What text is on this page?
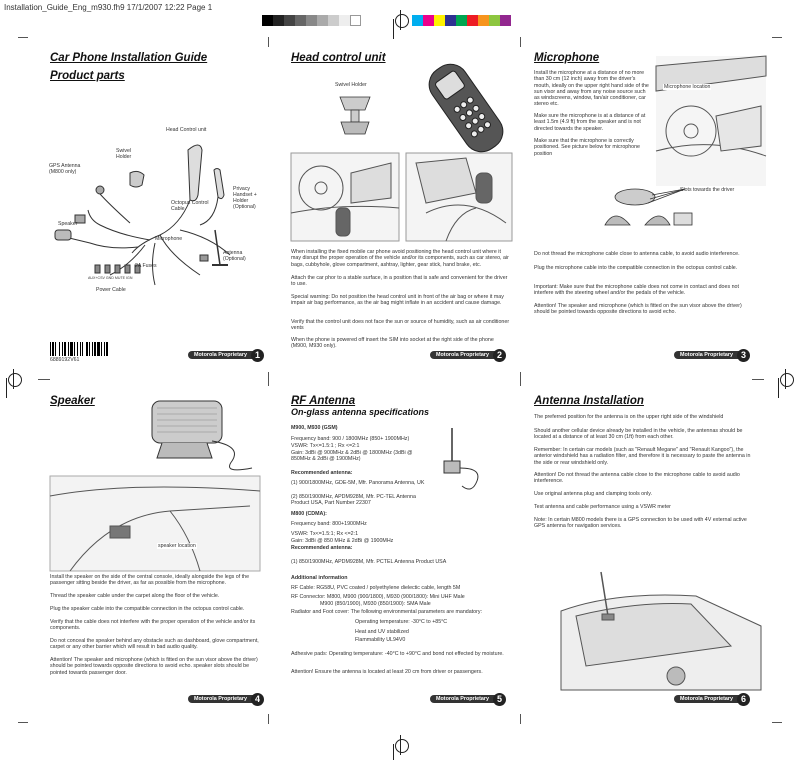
Installation_Guide_Eng_m930.fh9 17/1/2007 12:22 Page 1
Car Phone Installation Guide
Product parts
Head Control unit
Swivel
Holder
GPS Antenna
(M800 only)
Privacy
Handset +
Holder
(Optional)
Octopus Control
Cable
Speaker
Microphone
Antenna
(Optional)
2A Fuses
AUX+CSV GND MUTE IGN
Power Cable
6889192V61
Motorola Proprietary 1
Head control unit
Swivel Holder
When installing the fixed mobile car phone avoid positioning the head control unit where it may disrupt the proper operation of the vehicle and/or its components, such as car stereo, air bags, cubbyhole, glove compartment, ashtray, lighter, gear stick, hand brake, etc.
Attach the car phor to a stable surface, in a position that is safe and convenient for the driver to use.
Special warning: Do not position the head control unit in front of the air bag or where it may impair air bag performance, as the air bag might inflate in an accident and cause damage.
Verify that the control unit does not face the sun or source of humidity, such as air conditioner vents
When the phone is powered off insert the SIM into socket at the right side of the phone (M900, M930 only).
Motorola Proprietary 2
Microphone
Install the microphone at a distance of no more than 30 cm (12 inch) away from the driver's mouth, ideally on the upper right hand side of the sun visor and away from any noise source such as windscreens, window, fan/air conditioner, car stereo etc.
Make sure the microphone is at a distance of at least 1.5m (4.9 ft) from the speaker and is not directed towards the speaker.
Make sure that the microphone is correctly positioned. See picture below for microphone position
Microphone location
Slots towards the driver
Do not thread the microphone cable close to antenna cable, to avoid audio interference.
Plug the microphone cable into the compatible connection in the octopus control cable.
Important: Make sure that the microphone cable does not come in contact and does not interfere with the steering wheel and/or the pedals of the vehicle.
Attention! The speaker and microphone (which is fitted on the sun visor above the driver) should be pointed towards opposite directions to avoid echo.
Motorola Proprietary 3
Speaker
speaker location
Install the speaker on the side of the central console, ideally alongside the legs of the passenger sitting beside the driver, as far as possible from the microphone.
Thread the speaker cable under the carpet along the floor of the vehicle.
Plug the speaker cable into the compatible connection in the octopus control cable.
Verify that the cable does not interfere with the proper operation of the vehicle and/or its components.
Do not conceal the speaker behind any obstacle such as dashboard, glove compartment, carpet or any other barrier which will result in bad audio quality.
Attention! The speaker and microphone (which is fitted on the sun visor above the driver) should be pointed towards opposite directions to avoid echo. speaker slots should be pointed towards passenger door.
Motorola Proprietary 4
RF Antenna
On-glass antenna specifications
Motorola Proprietary 5
Antenna Installation
The preferred position for the antenna is on the upper right side of the windshield
Should another cellular device already be installed in the vehicle, the antennas should be located at a distance of at least 30 cm (1ft) from each other.
Remember: In certain car models (such as "Renault Megane" and "Renault Kangoo"), the anterior windshield has a radiation filter, and therefore it is necessary to paste the antenna in the side or rear windshield only.
Attention! Do not thread the antenna cable close to the microphone cable to avoid audio interference.
Use original antenna plug and clamping tools only.
Test antenna and cable performance using a VSWR meter
Note: In certain M800 models there is a GPS connection to be used with 4V external active GPS antenna for navigation services.
Motorola Proprietary 6
M900, M930 (GSM)
Frequency band: 900 / 1800MHz (850+ 1900MHz)
VSWR: Tx<=1.5:1 ; Rx <=2:1
Gain: 3dBi @ 900MHz & 2dBi @ 1800MHz (3dBi @ 850MHz & 2dBi @ 1900MHz)
Recommended antenna:
(1) 900/1800MHz, GDE-5M, Mfr. Panorama Antenna, UK
(2) 850/1900MHz, APDM928M, Mfr. PC-TEL Antenna Product USA, Part Number 22307
M800 (CDMA):
Frequency band: 800+1900MHz
VSWR: Tx<=1.5:1; Rx <=2:1
Gain: 3dBi @ 850 MHz & 2dBi @ 1900MHz
Recommended antenna:
(1) 850/1900MHz, APDM928M, Mfr. PCTEL Antenna Product USA
Additional information
RF Cable: RG58U, PVC coated / polyethylene dielectic cable, length 5M
RF Connector: M800, M900 (900/1800), M930 (900/1800): Mini UHF Male
M900 (850/1900), M930 (850/1900): SMA Male
Radiator and Foot cover: The following environmental parameters are mandatory:
Operating temperature: -30°C to +85°C
Heat and UV stabilized
Flammability UL94V0
Adhesive pads: Operating temperature: -40°C to +90°C and bond not effected by moisture.
Attention! Ensure the antenna is located at least 20 cm from driver or passengers.
